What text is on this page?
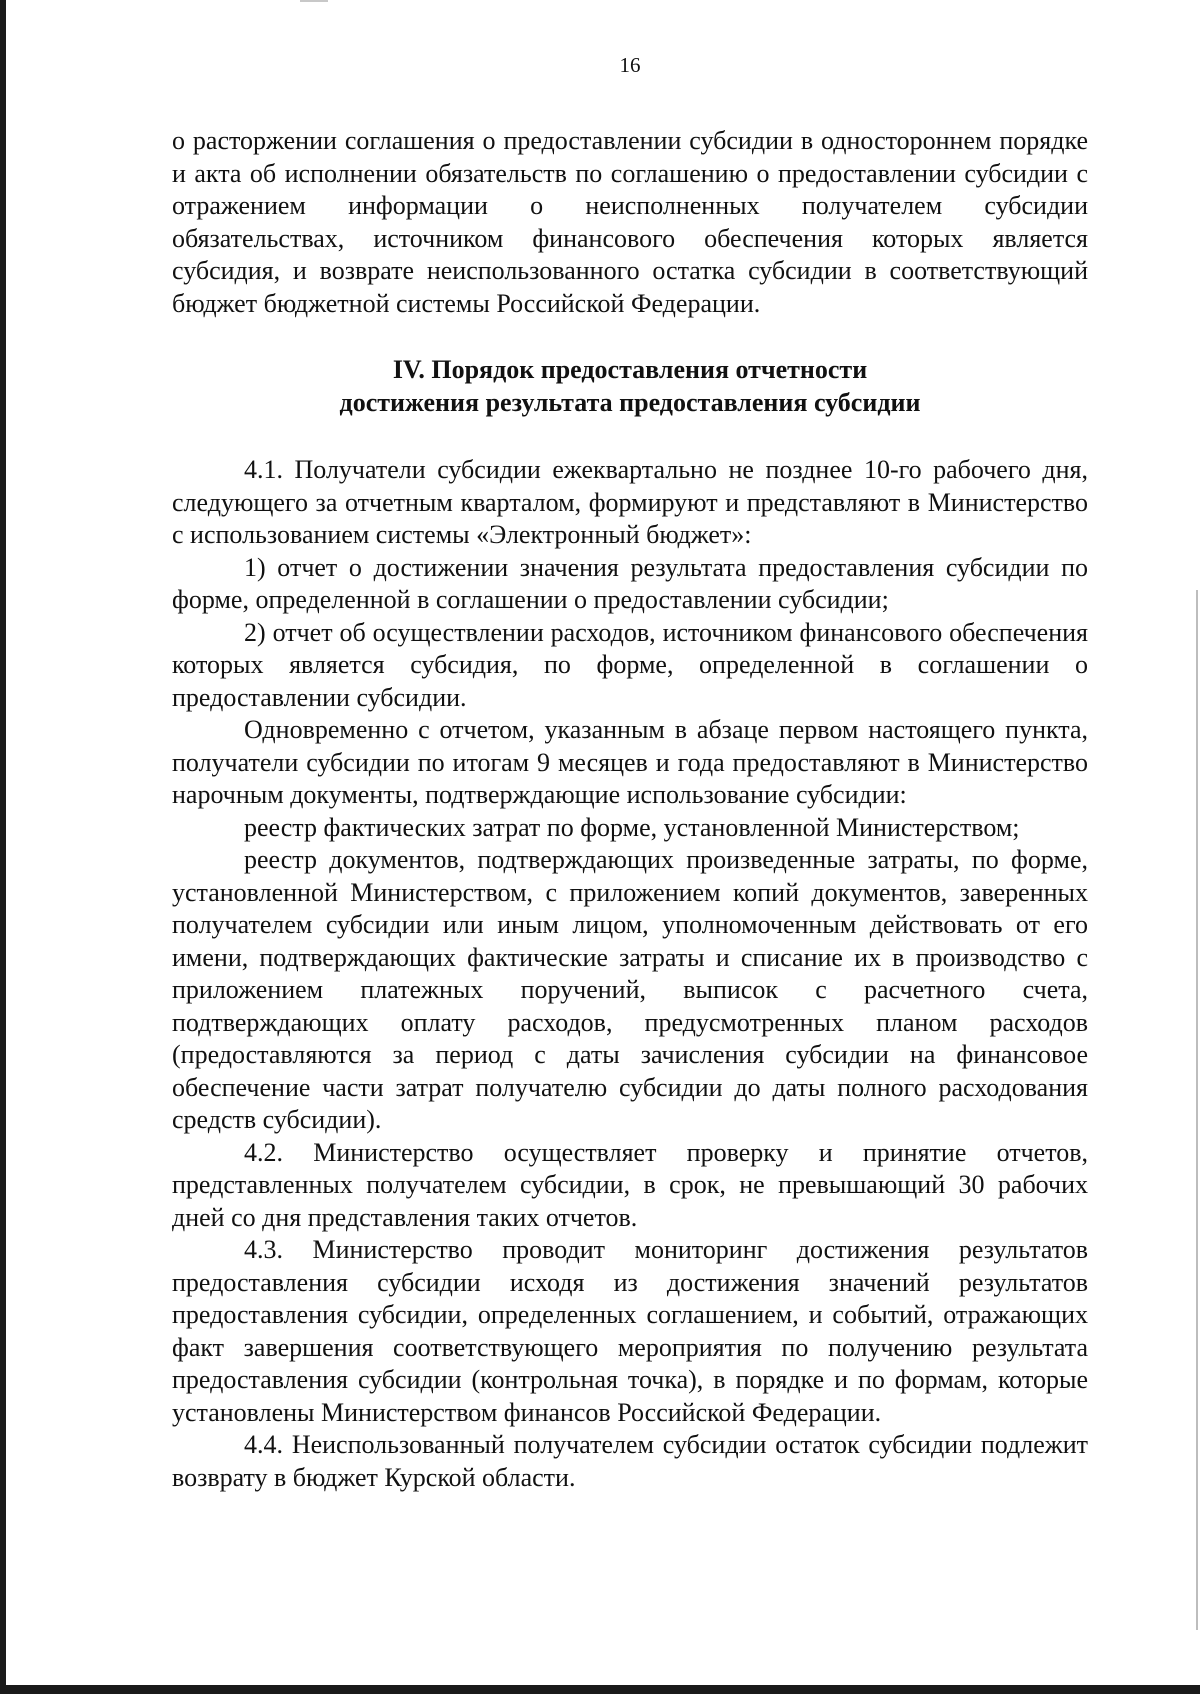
16

о расторжении соглашения о предоставлении субсидии в одностороннем порядке и акта об исполнении обязательств по соглашению о предоставлении субсидии с отражением информации о неисполненных получателем субсидии обязательствах, источником финансового обеспечения которых является субсидия, и возврате неиспользованного остатка субсидии в соответствующий бюджет бюджетной системы Российской Федерации.

IV. Порядок предоставления отчетности
достижения результата предоставления субсидии

4.1. Получатели субсидии ежеквартально не позднее 10-го рабочего дня, следующего за отчетным кварталом, формируют и представляют в Министерство с использованием системы «Электронный бюджет»:

1) отчет о достижении значения результата предоставления субсидии по форме, определенной в соглашении о предоставлении субсидии;

2) отчет об осуществлении расходов, источником финансового обеспечения которых является субсидия, по форме, определенной в соглашении о предоставлении субсидии.

Одновременно с отчетом, указанным в абзаце первом настоящего пункта, получатели субсидии по итогам 9 месяцев и года предоставляют в Министерство нарочным документы, подтверждающие использование субсидии:

реестр фактических затрат по форме, установленной Министерством;

реестр документов, подтверждающих произведенные затраты, по форме, установленной Министерством, с приложением копий документов, заверенных получателем субсидии или иным лицом, уполномоченным действовать от его имени, подтверждающих фактические затраты и списание их в производство с приложением платежных поручений, выписок с расчетного счета, подтверждающих оплату расходов, предусмотренных планом расходов (предоставляются за период с даты зачисления субсидии на финансовое обеспечение части затрат получателю субсидии до даты полного расходования средств субсидии).

4.2. Министерство осуществляет проверку и принятие отчетов, представленных получателем субсидии, в срок, не превышающий 30 рабочих дней со дня представления таких отчетов.

4.3. Министерство проводит мониторинг достижения результатов предоставления субсидии исходя из достижения значений результатов предоставления субсидии, определенных соглашением, и событий, отражающих факт завершения соответствующего мероприятия по получению результата предоставления субсидии (контрольная точка), в порядке и по формам, которые установлены Министерством финансов Российской Федерации.

4.4. Неиспользованный получателем субсидии остаток субсидии подлежит возврату в бюджет Курской области.
